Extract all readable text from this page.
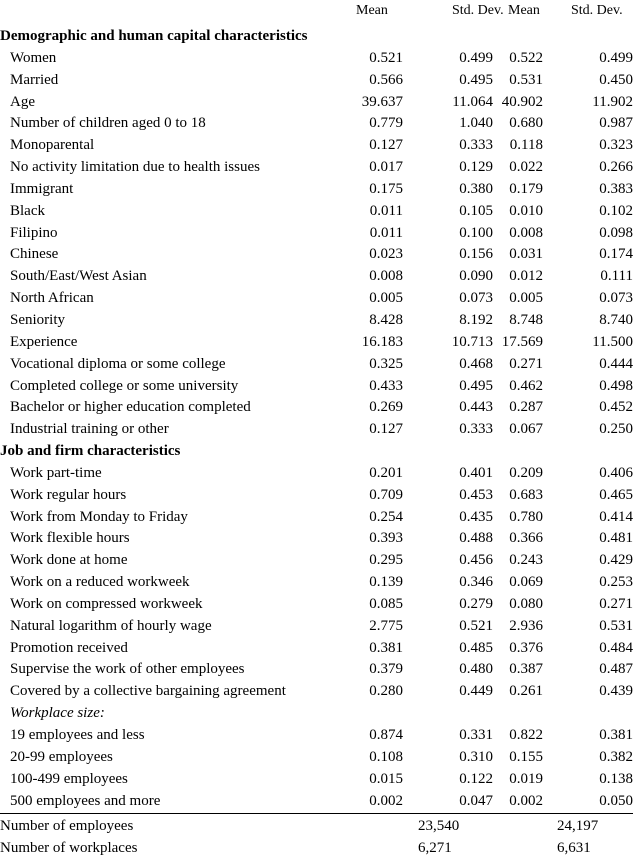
Mean	Std. Dev. Mean Std. Dev.
Demographic and human capital characteristics
Women	0.521	0.499 0.522	0.499
Married	0.566	0.495 0.531	0.450
Age	39.637	11.064 40.902	11.902
Number of children aged 0 to 18	0.779	1.040 0.680	0.987
Monoparental	0.127	0.333 0.118	0.323
No activity limitation due to health issues	0.017	0.129 0.022	0.266
Immigrant	0.175	0.380 0.179	0.383
Black	0.011	0.105 0.010	0.102
Filipino	0.011	0.100 0.008	0.098
Chinese	0.023	0.156 0.031	0.174
South/East/West Asian	0.008	0.090 0.012	0.111
North African	0.005	0.073 0.005	0.073
Seniority	8.428	8.192 8.748	8.740
Experience	16.183	10.713 17.569	11.500
Vocational diploma or some college	0.325	0.468 0.271	0.444
Completed college or some university	0.433	0.495 0.462	0.498
Bachelor or higher education completed	0.269	0.443 0.287	0.452
Industrial training or other	0.127	0.333 0.067	0.250
Job and firm characteristics
Work part-time	0.201	0.401 0.209	0.406
Work regular hours	0.709	0.453 0.683	0.465
Work from Monday to Friday	0.254	0.435 0.780	0.414
Work flexible hours	0.393	0.488 0.366	0.481
Work done at home	0.295	0.456 0.243	0.429
Work on a reduced workweek	0.139	0.346 0.069	0.253
Work on compressed workweek	0.085	0.279 0.080	0.271
Natural logarithm of hourly wage	2.775	0.521 2.936	0.531
Promotion received	0.381	0.485 0.376	0.484
Supervise the work of other employees	0.379	0.480 0.387	0.487
Covered by a collective bargaining agreement	0.280	0.449 0.261	0.439
Workplace size:
19 employees and less	0.874	0.331 0.822	0.381
20-99 employees	0.108	0.310 0.155	0.382
100-499 employees	0.015	0.122 0.019	0.138
500 employees and more	0.002	0.047 0.002	0.050
Number of employees	23,540	24,197
Number of workplaces	6,271	6,631
